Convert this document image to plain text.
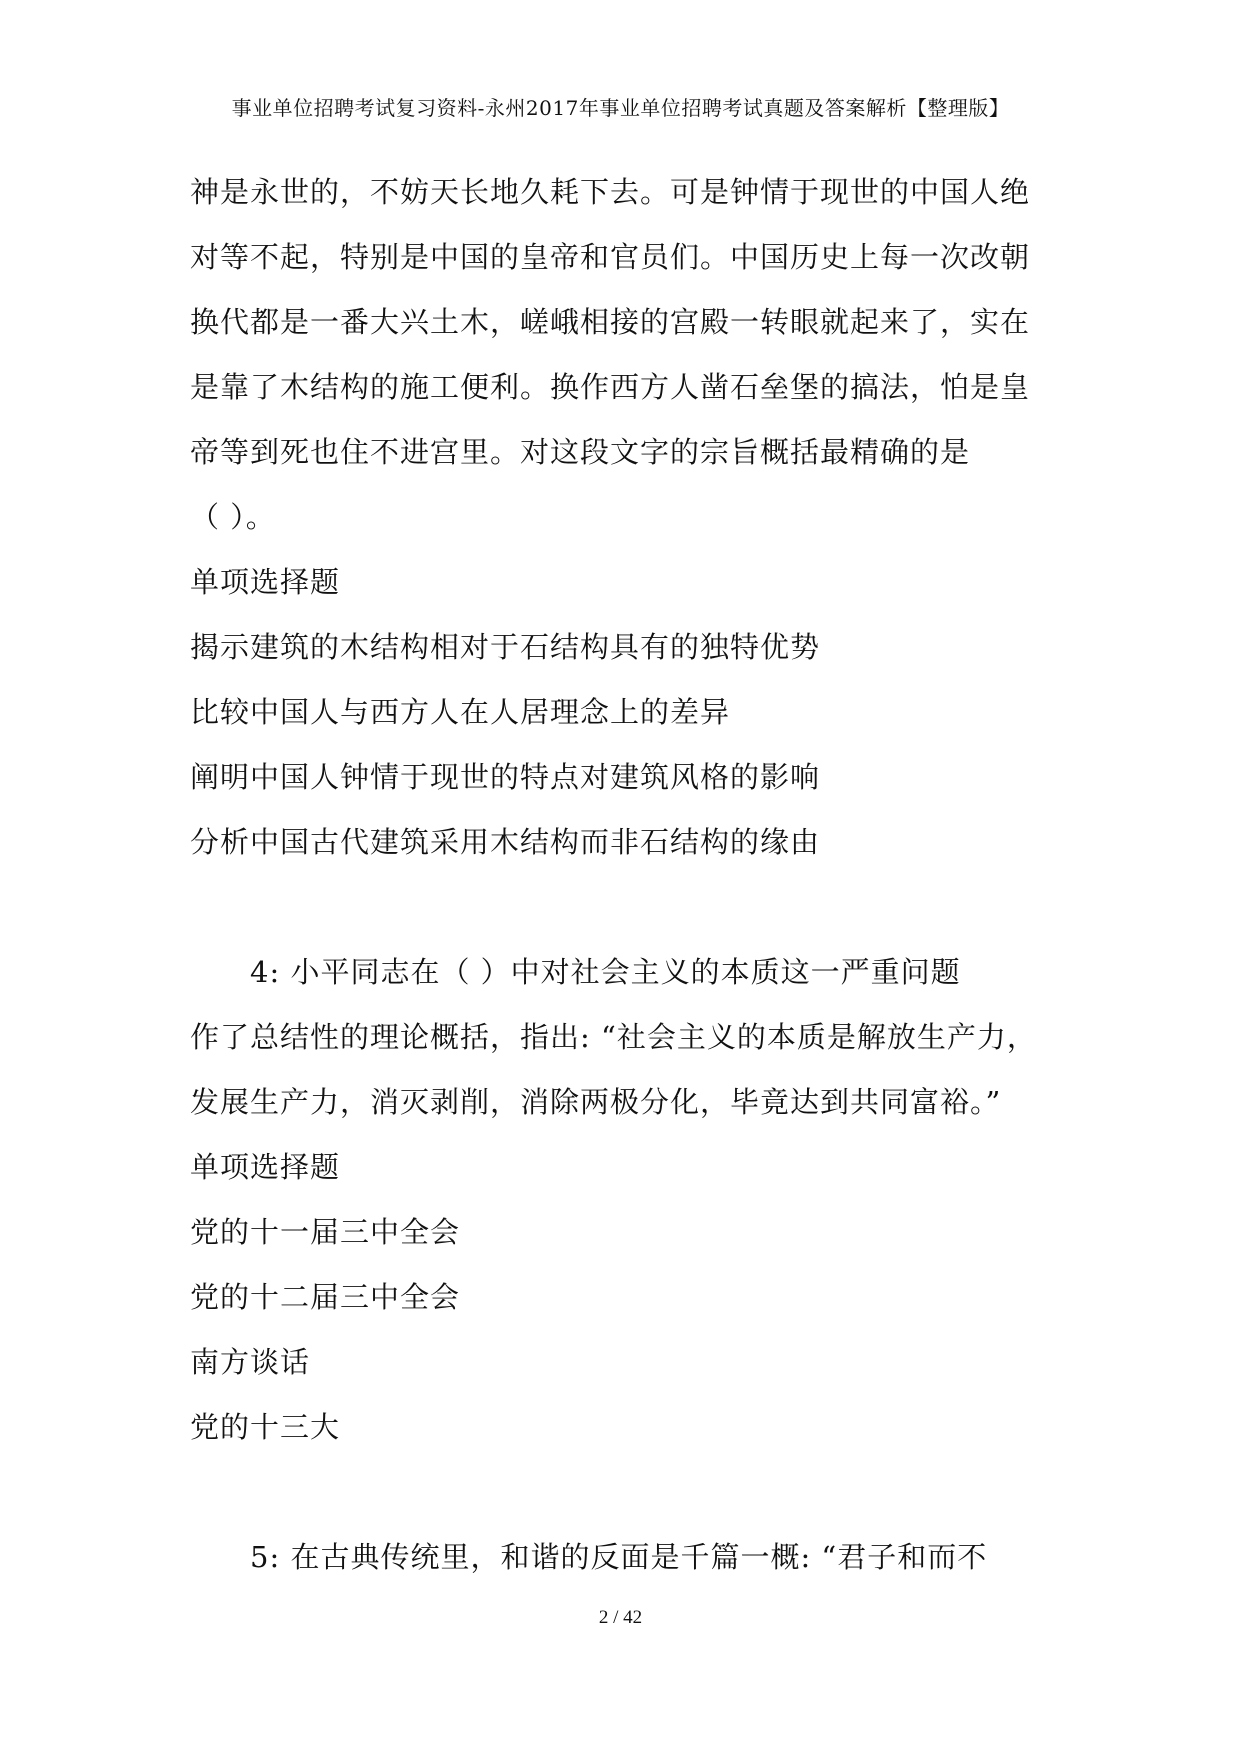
事业单位招聘考试复习资料-永州2017年事业单位招聘考试真题及答案解析【整理版】
神是永世的，不妨天长地久耗下去。可是钟情于现世的中国人绝
对等不起，特别是中国的皇帝和官员们。中国历史上每一次改朝
换代都是一番大兴土木，嵯峨相接的宫殿一转眼就起来了，实在
是靠了木结构的施工便利。换作西方人凿石垒堡的搞法，怕是皇
帝等到死也住不进宫里。对这段文字的宗旨概括最精确的是
（ ）。
单项选择题
揭示建筑的木结构相对于石结构具有的独特优势
比较中国人与西方人在人居理念上的差异
阐明中国人钟情于现世的特点对建筑风格的影响
分析中国古代建筑采用木结构而非石结构的缘由
4: 小平同志在（ ）中对社会主义的本质这一严重问题
作了总结性的理论概括，指出: “社会主义的本质是解放生产力，
发展生产力，消灭剥削，消除两极分化，毕竟达到共同富裕。”
单项选择题
党的十一届三中全会
党的十二届三中全会
南方谈话
党的十三大
5: 在古典传统里，和谐的反面是千篇一概: “君子和而不
2 / 42
